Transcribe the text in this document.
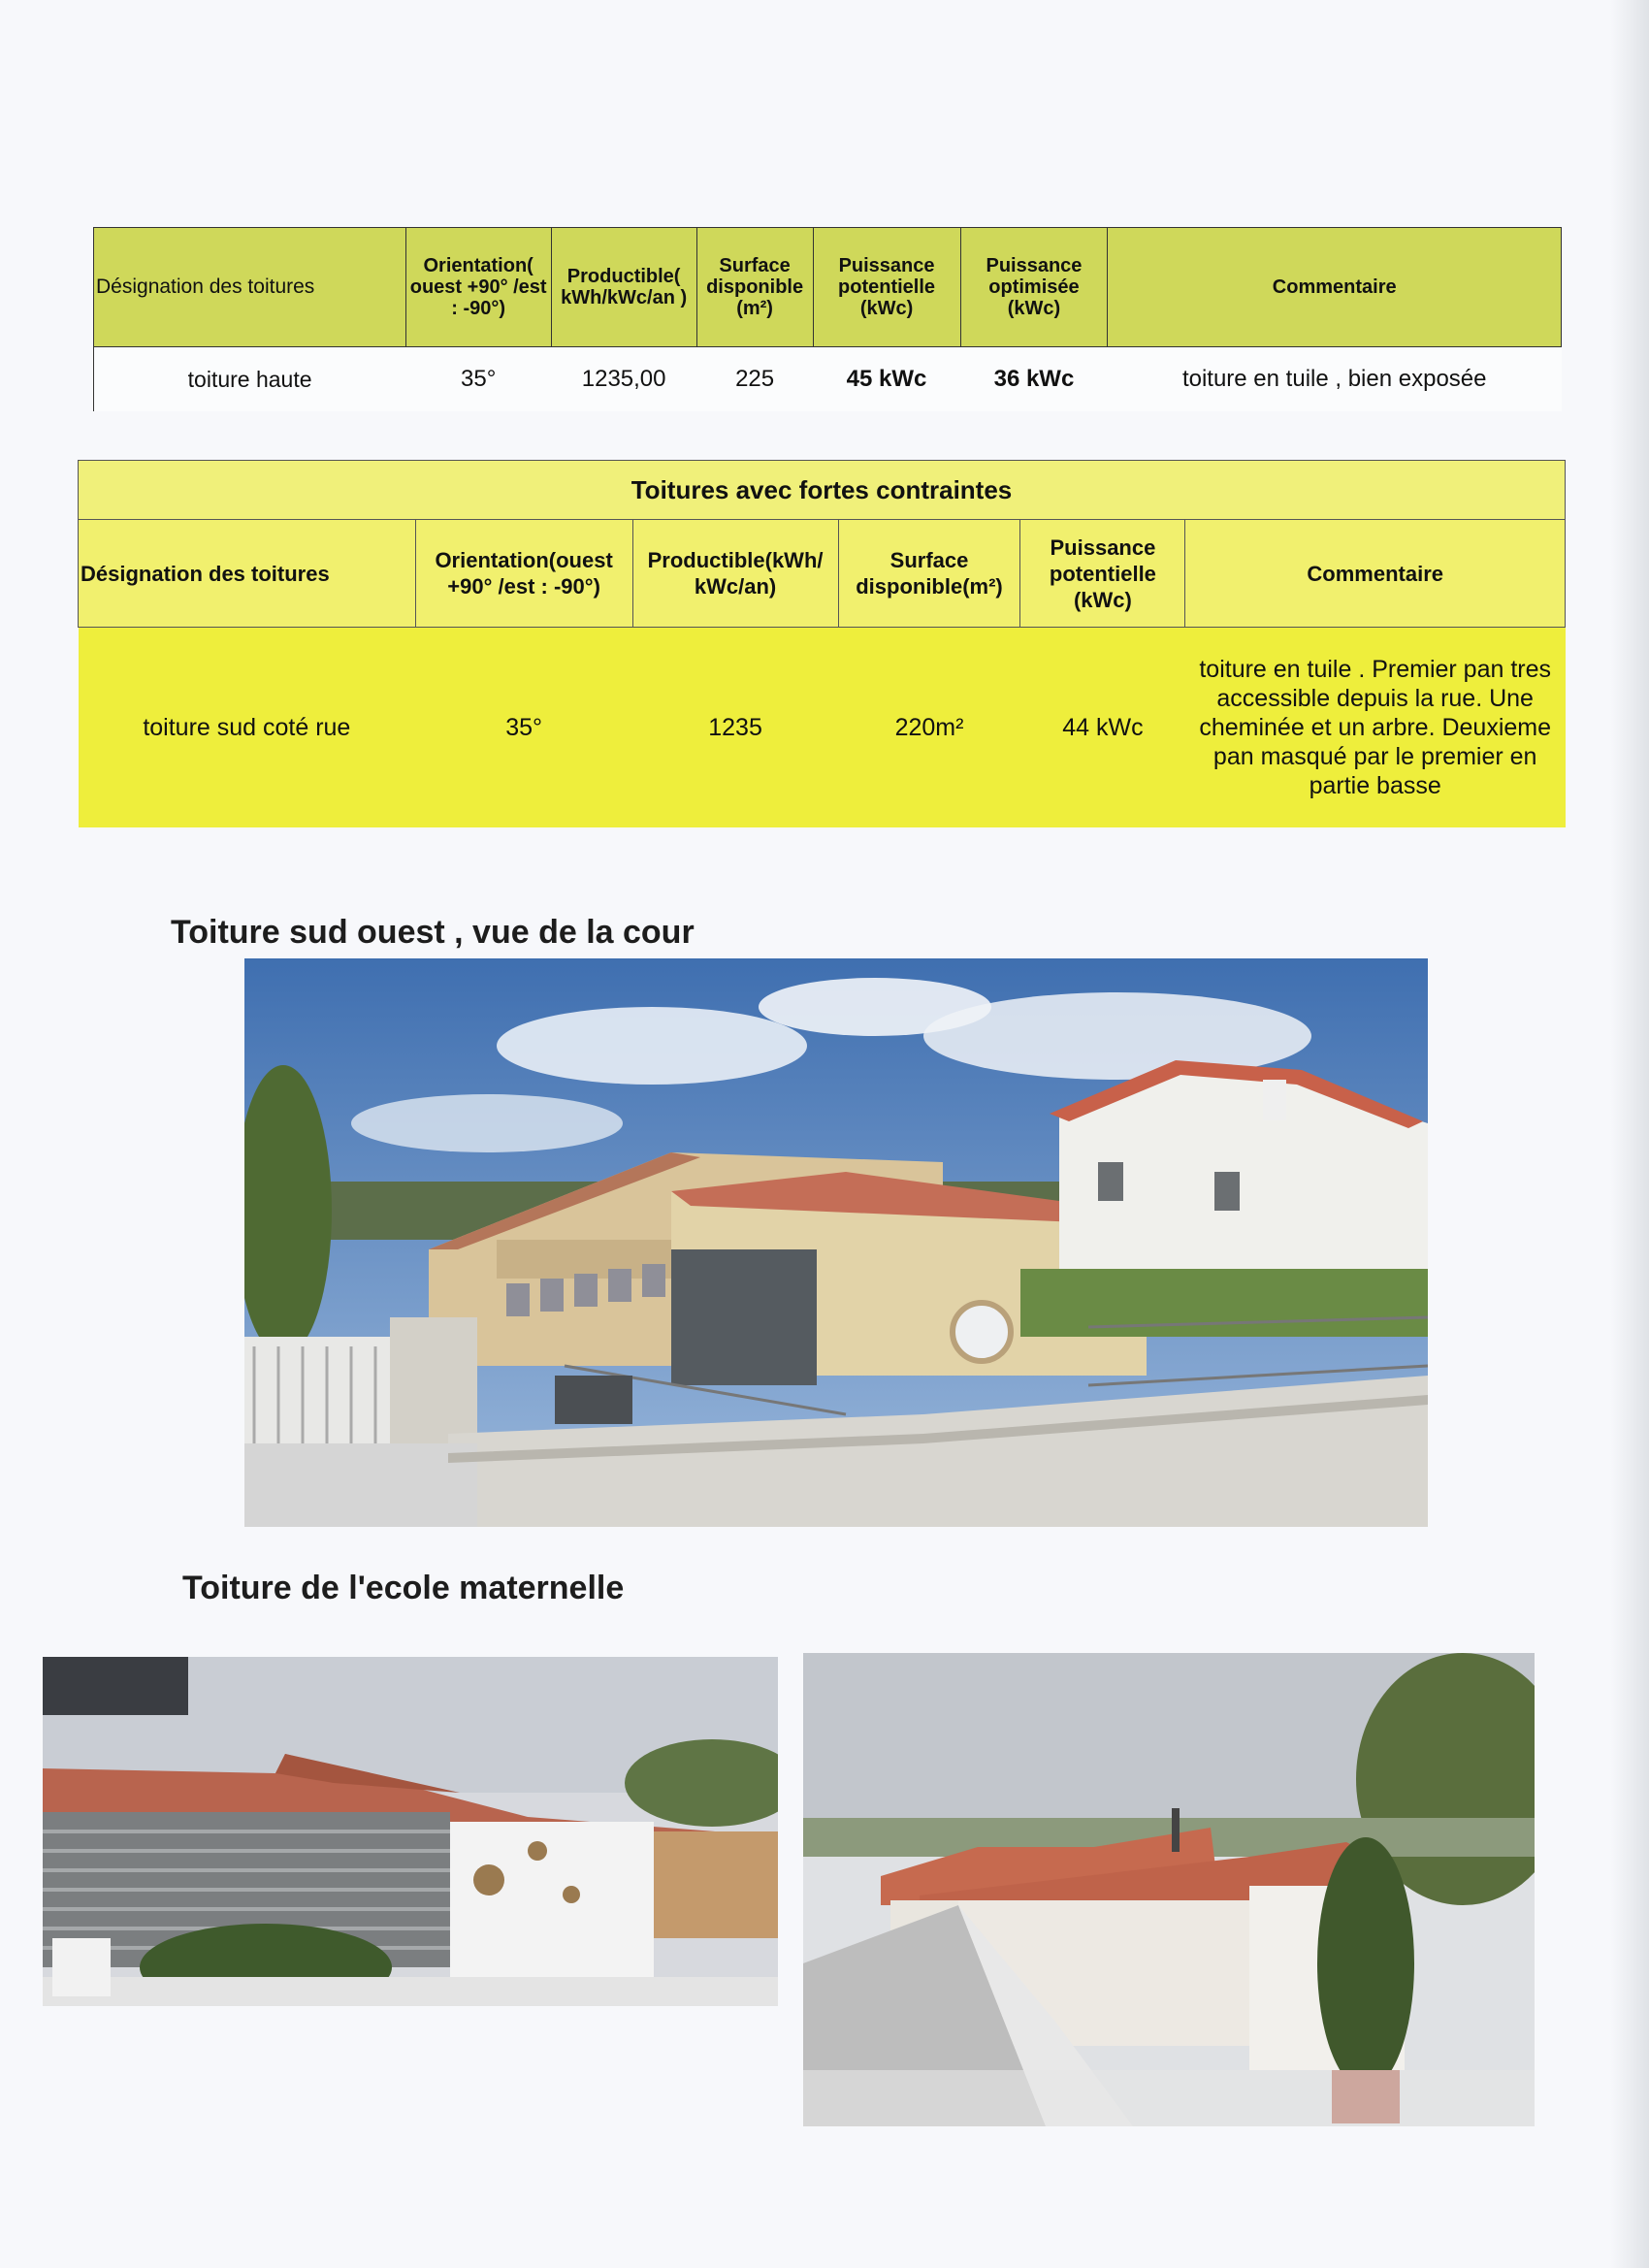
Désignation des toitures	Orientation( ouest +90° /est : -90°)	Productible( kWh/kWc/an )	Surface disponible (m²)	Puissance potentielle (kWc)	Puissance optimisée (kWc)	Commentaire
toiture haute	35°	1235,00	225	45 kWc	36 kWc	toiture en tuile , bien exposée
Toitures avec fortes contraintes					
Désignation des toitures	Orientation(ouest +90° /est : -90°)	Productible(kWh/ kWc/an)	Surface disponible(m²)	Puissance potentielle (kWc)	Commentaire
toiture sud coté rue	35°	1235	220m²	44 kWc	toiture en tuile . Premier pan tres accessible depuis la rue. Une cheminée et un arbre. Deuxieme pan masqué par le premier en partie basse
Toiture sud ouest , vue de la cour
Toiture de l'ecole maternelle
